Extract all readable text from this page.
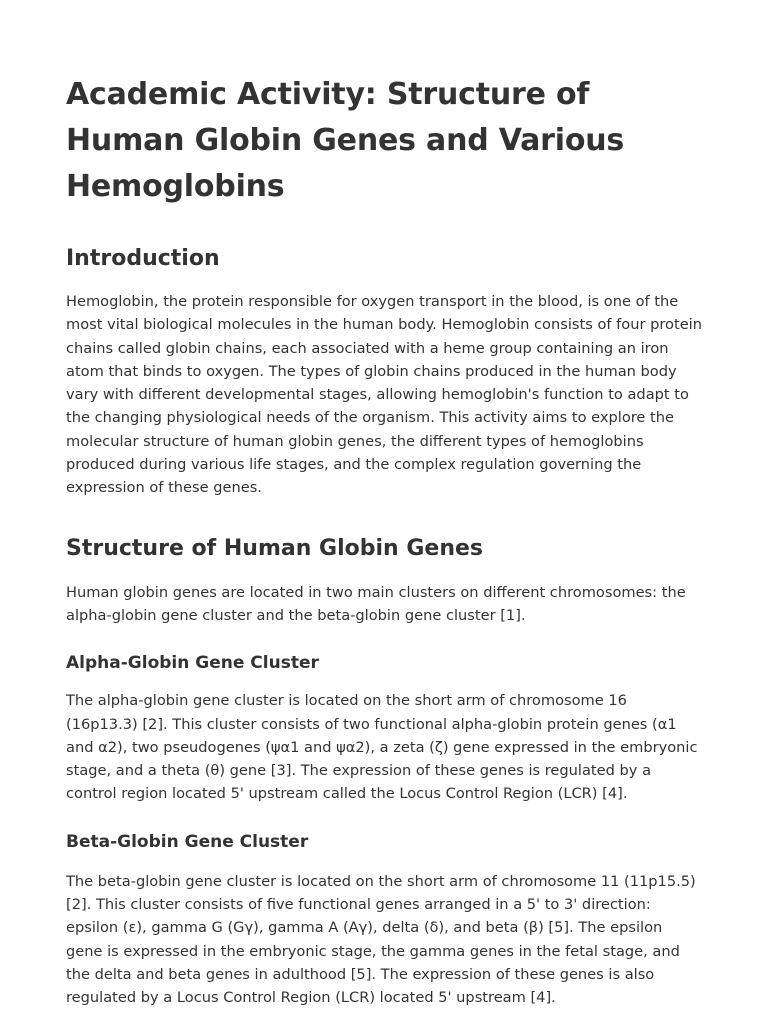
Academic Activity: Structure of Human Globin Genes and Various Hemoglobins
Introduction

Hemoglobin, the protein responsible for oxygen transport in the blood, is one of the most vital biological molecules in the human body. Hemoglobin consists of four protein chains called globin chains, each associated with a heme group containing an iron atom that binds to oxygen. The types of globin chains produced in the human body vary with different developmental stages, allowing hemoglobin's function to adapt to the changing physiological needs of the organism. This activity aims to explore the molecular structure of human globin genes, the different types of hemoglobins produced during various life stages, and the complex regulation governing the expression of these genes.

Structure of Human Globin Genes

Human globin genes are located in two main clusters on different chromosomes: the alpha-globin gene cluster and the beta-globin gene cluster [1].

Alpha-Globin Gene Cluster

The alpha-globin gene cluster is located on the short arm of chromosome 16 (16p13.3) [2]. This cluster consists of two functional alpha-globin protein genes (α1 and α2), two pseudogenes (ψα1 and ψα2), a zeta (ζ) gene expressed in the embryonic stage, and a theta (θ) gene [3]. The expression of these genes is regulated by a control region located 5' upstream called the Locus Control Region (LCR) [4].

Beta-Globin Gene Cluster

The beta-globin gene cluster is located on the short arm of chromosome 11 (11p15.5) [2]. This cluster consists of five functional genes arranged in a 5' to 3' direction: epsilon (ε), gamma G (Gγ), gamma A (Aγ), delta (δ), and beta (β) [5]. The epsilon gene is expressed in the embryonic stage, the gamma genes in the fetal stage, and the delta and beta genes in adulthood [5]. The expression of these genes is also regulated by a Locus Control Region (LCR) located 5' upstream [4].
